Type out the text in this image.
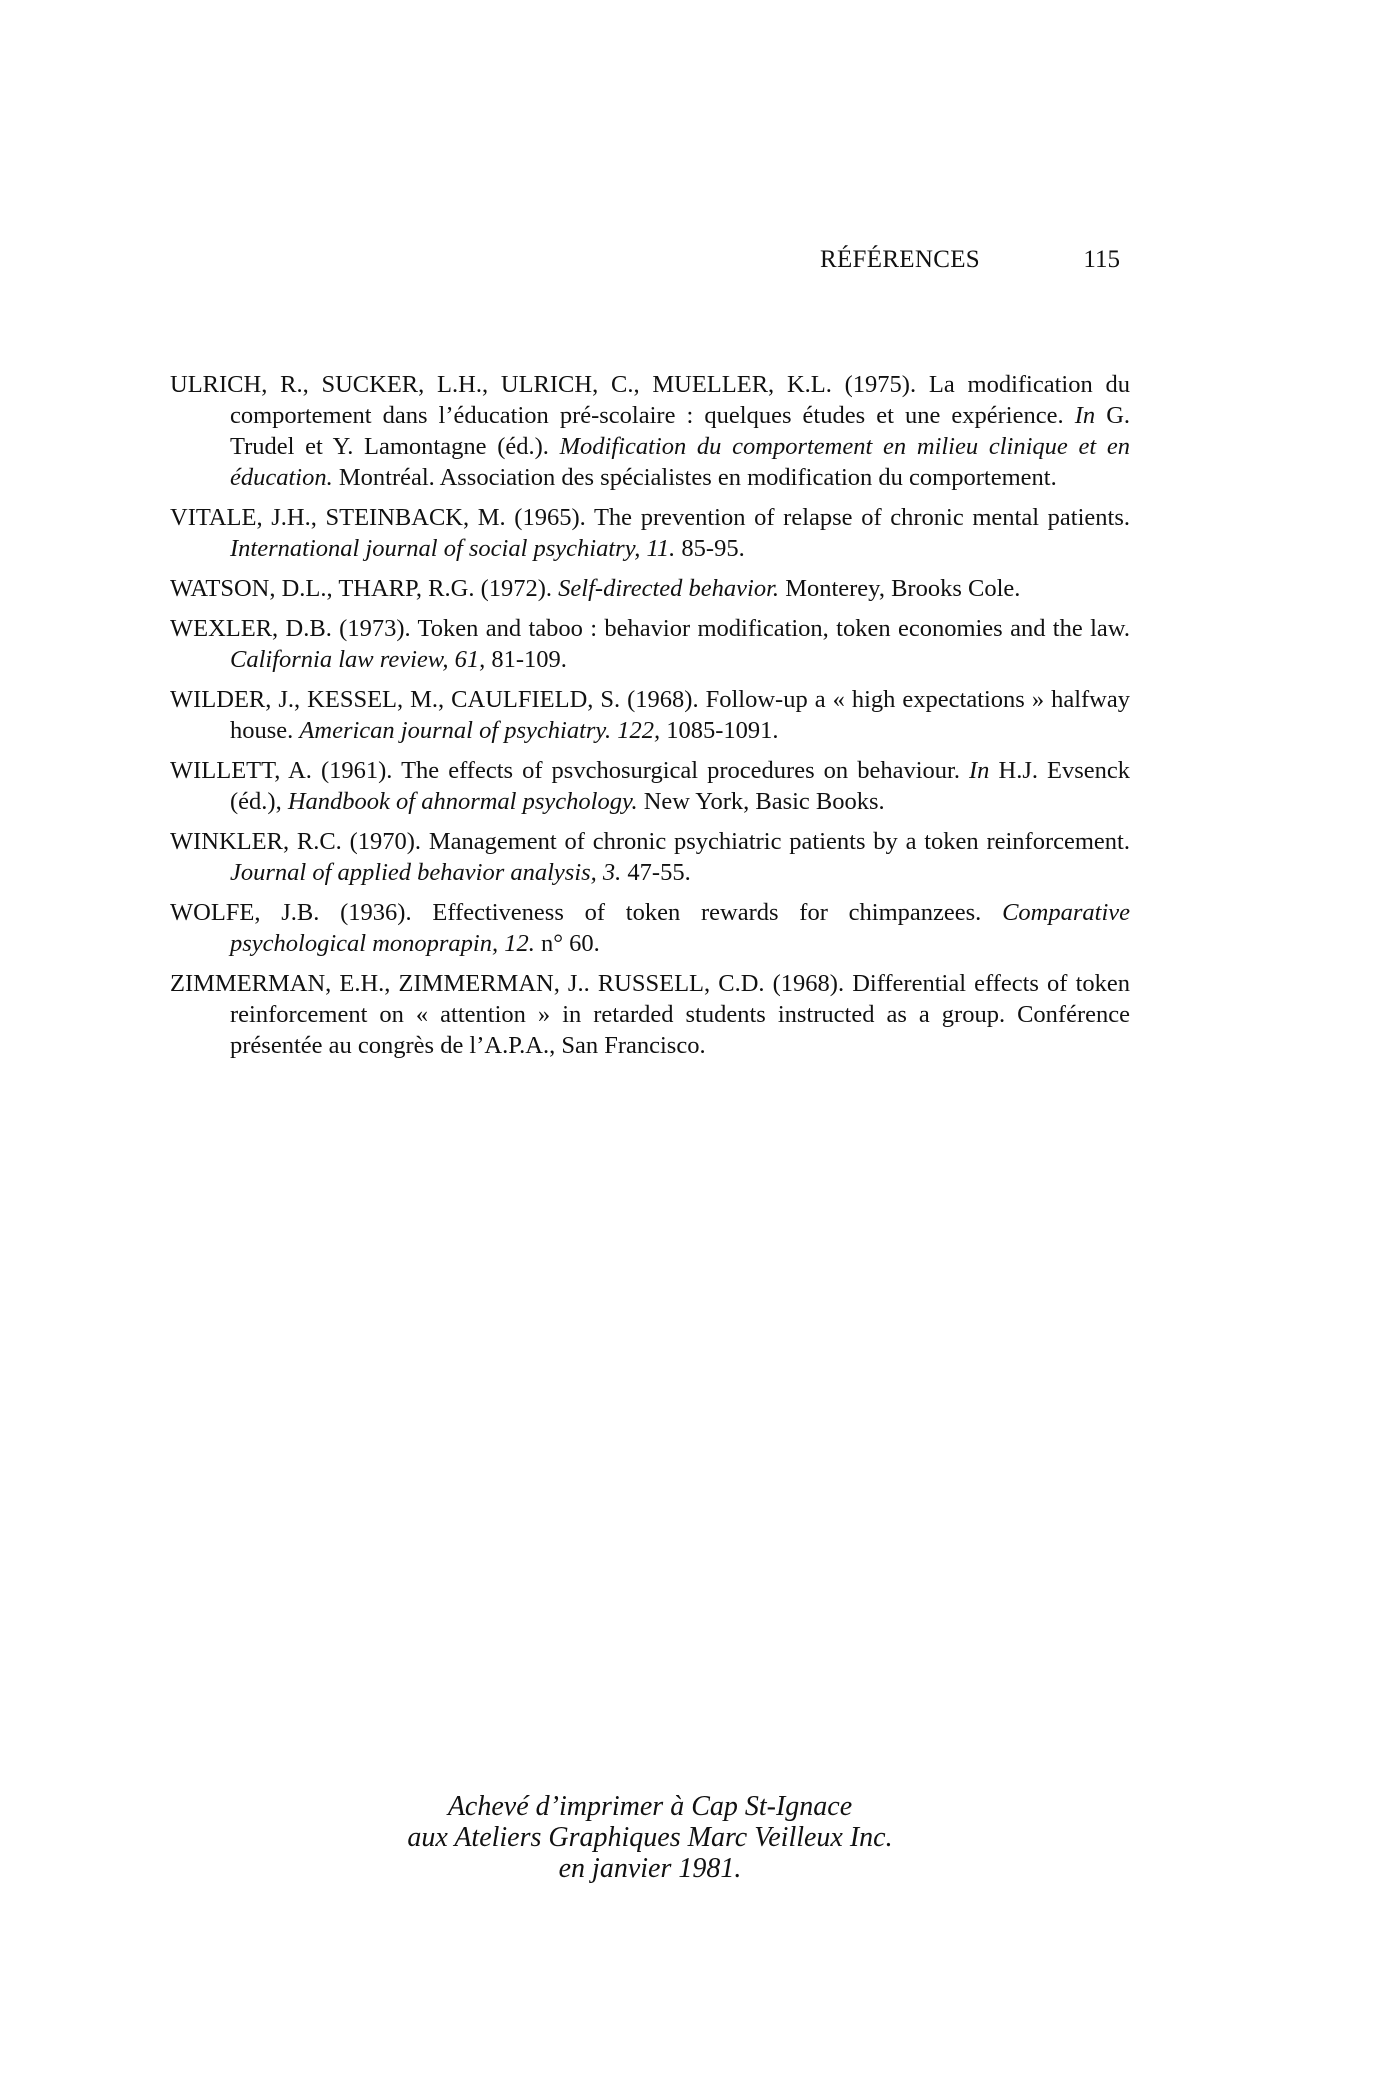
RÉFÉRENCES	115

ULRICH, R., SUCKER, L.H., ULRICH, C., MUELLER, K.L. (1975). La modification du comportement dans l’éducation pré-scolaire : quelques études et une expérience. In G. Trudel et Y. Lamontagne (éd.). Modification du comportement en milieu clinique et en éducation. Montréal. Association des spécialistes en modification du comportement.

VITALE, J.H., STEINBACK, M. (1965). The prevention of relapse of chronic mental patients. International journal of social psychiatry, 11. 85-95.

WATSON, D.L., THARP, R.G. (1972). Self-directed behavior. Monterey, Brooks Cole.

WEXLER, D.B. (1973). Token and taboo : behavior modification, token economies and the law. California law review, 61, 81-109.

WILDER, J., KESSEL, M., CAULFIELD, S. (1968). Follow-up a « high expectations » halfway house. American journal of psychiatry. 122, 1085-1091.

WILLETT, A. (1961). The effects of psvchosurgical procedures on behaviour. In H.J. Evsenck (éd.), Handbook of ahnormal psychology. New York, Basic Books.

WINKLER, R.C. (1970). Management of chronic psychiatric patients by a token reinforcement. Journal of applied behavior analysis, 3. 47-55.

WOLFE, J.B. (1936). Effectiveness of token rewards for chimpanzees. Comparative psychological monoprapin, 12. n° 60.

ZIMMERMAN, E.H., ZIMMERMAN, J.. RUSSELL, C.D. (1968). Differential effects of token reinforcement on « attention » in retarded students instructed as a group. Conférence présentée au congrès de l’A.P.A., San Francisco.

Achevé d’imprimer à Cap St-Ignace
aux Ateliers Graphiques Marc Veilleux Inc.
en janvier 1981.
